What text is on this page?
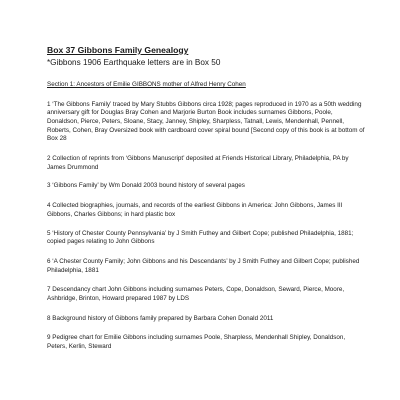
Box 37 Gibbons Family Genealogy

*Gibbons 1906 Earthquake letters are in Box 50

Section 1: Ancestors of Emilie GIBBONS mother of Alfred Henry Cohen

1 ‘The Gibbons Family’ traced by Mary Stubbs Gibbons circa 1928; pages reproduced in 1970 as a 50th wedding anniversary gift for Douglas Bray Cohen and Marjorie Burton Book includes surnames Gibbons, Poole, Donaldson, Pierce, Peters, Sloane, Stacy, Janney, Shipley, Sharpless, Tatnall, Lewis, Mendenhall, Pennell, Roberts, Cohen, Bray Oversized book with cardboard cover spiral bound [Second copy of this book is at bottom of Box 28

2 Collection of reprints from ‘Gibbons Manuscript’ deposited at Friends Historical Library, Philadelphia, PA by James Drummond

3 ‘Gibbons Family’ by Wm Donald 2003 bound history of several pages

4 Collected biographies, journals, and records of the earliest Gibbons in America: John Gibbons, James III Gibbons, Charles Gibbons; in hard plastic box

5 ‘History of Chester County Pennsylvania’ by J Smith Futhey and Gilbert Cope; published Philadelphia, 1881; copied pages relating to John Gibbons

6 ‘A Chester County Family; John Gibbons and his Descendants’ by J Smith Futhey and Gilbert Cope; published Philadelphia, 1881

7 Descendancy chart John Gibbons including surnames Peters, Cope, Donaldson, Seward, Pierce, Moore, Ashbridge, Brinton, Howard prepared 1987 by LDS

8 Background history of Gibbons family prepared by Barbara Cohen Donald 2011

9 Pedigree chart for Emilie Gibbons including surnames Poole, Sharpless, Mendenhall Shipley, Donaldson, Peters, Kerlin, Steward
